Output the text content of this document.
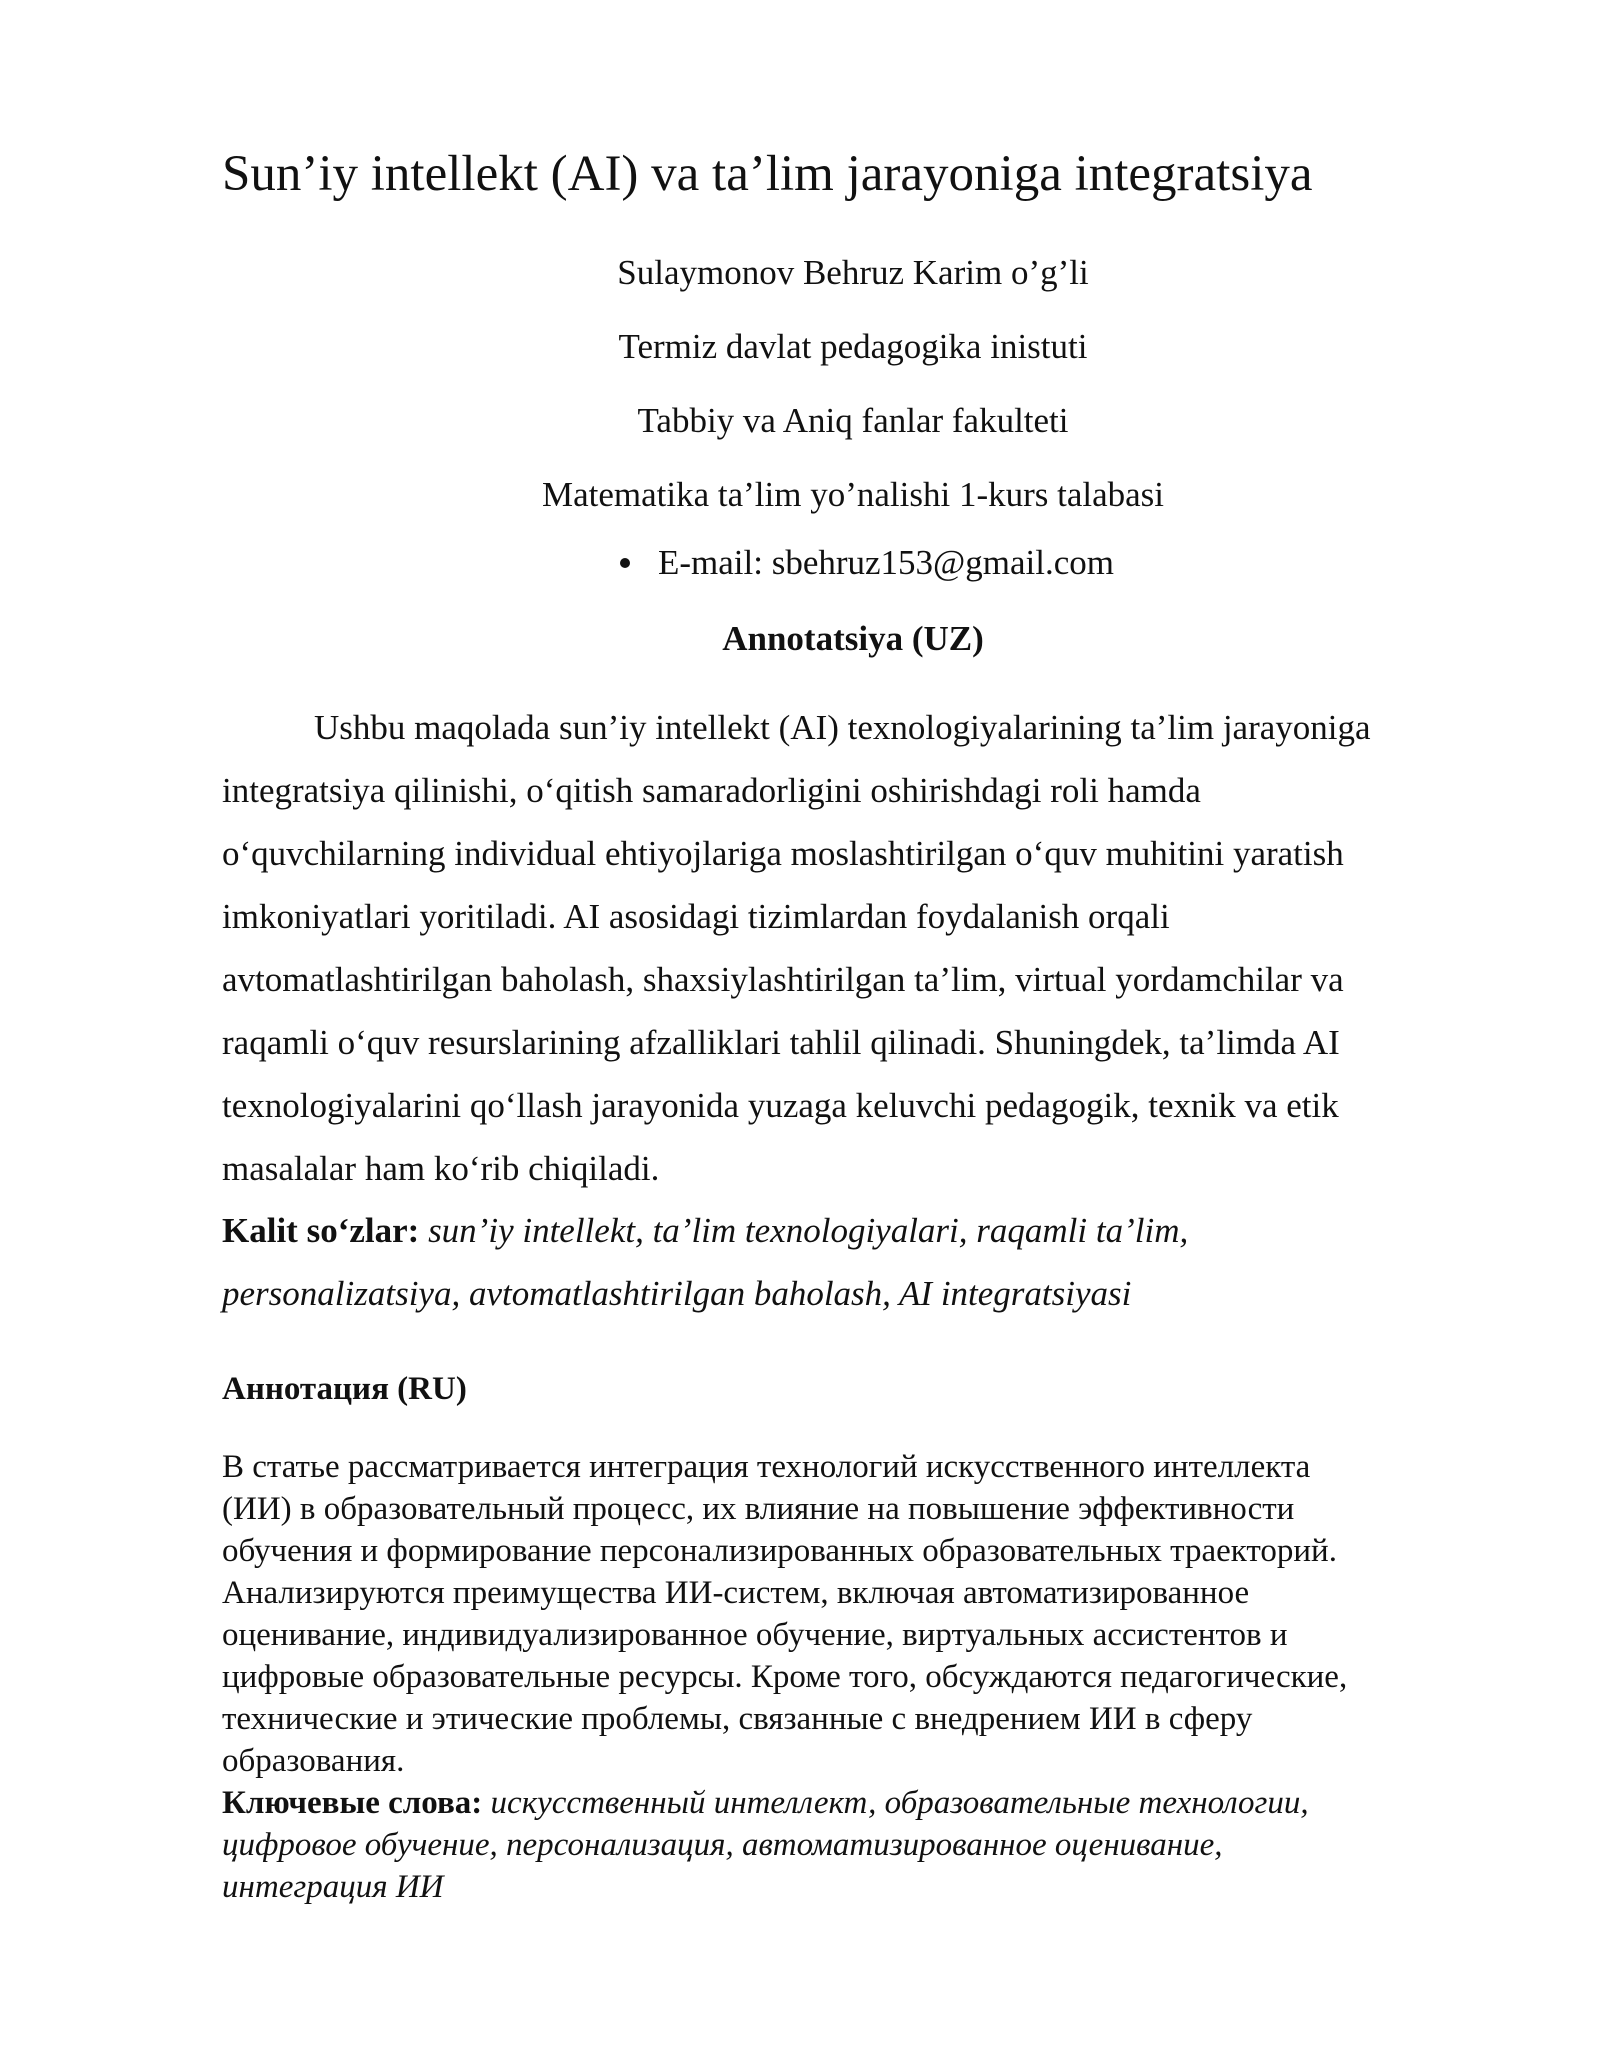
Sun’iy intellekt (AI) va ta’lim jarayoniga integratsiya
Sulaymonov Behruz Karim o’g’li
Termiz davlat pedagogika inistuti
Tabbiy va Aniq fanlar fakulteti
Matematika ta’lim yo’nalishi 1-kurs talabasi
E-mail: sbehruz153@gmail.com
Annotatsiya (UZ)
Ushbu maqolada sun’iy intellekt (AI) texnologiyalarining ta’lim jarayoniga
integratsiya qilinishi, o‘qitish samaradorligini oshirishdagi roli hamda
o‘quvchilarning individual ehtiyojlariga moslashtirilgan o‘quv muhitini yaratish
imkoniyatlari yoritiladi. AI asosidagi tizimlardan foydalanish orqali
avtomatlashtirilgan baholash, shaxsiylashtirilgan ta’lim, virtual yordamchilar va
raqamli o‘quv resurslarining afzalliklari tahlil qilinadi. Shuningdek, ta’limda AI
texnologiyalarini qo‘llash jarayonida yuzaga keluvchi pedagogik, texnik va etik
masalalar ham ko‘rib chiqiladi.
Kalit so‘zlar: sun’iy intellekt, ta’lim texnologiyalari, raqamli ta’lim,
personalizatsiya, avtomatlashtirilgan baholash, AI integratsiyasi
Аннотация (RU)
В статье рассматривается интеграция технологий искусственного интеллекта
(ИИ) в образовательный процесс, их влияние на повышение эффективности
обучения и формирование персонализированных образовательных траекторий.
Анализируются преимущества ИИ-систем, включая автоматизированное
оценивание, индивидуализированное обучение, виртуальных ассистентов и
цифровые образовательные ресурсы. Кроме того, обсуждаются педагогические,
технические и этические проблемы, связанные с внедрением ИИ в сферу
образования.
Ключевые слова: искусственный интеллект, образовательные технологии,
цифровое обучение, персонализация, автоматизированное оценивание,
интеграция ИИ
